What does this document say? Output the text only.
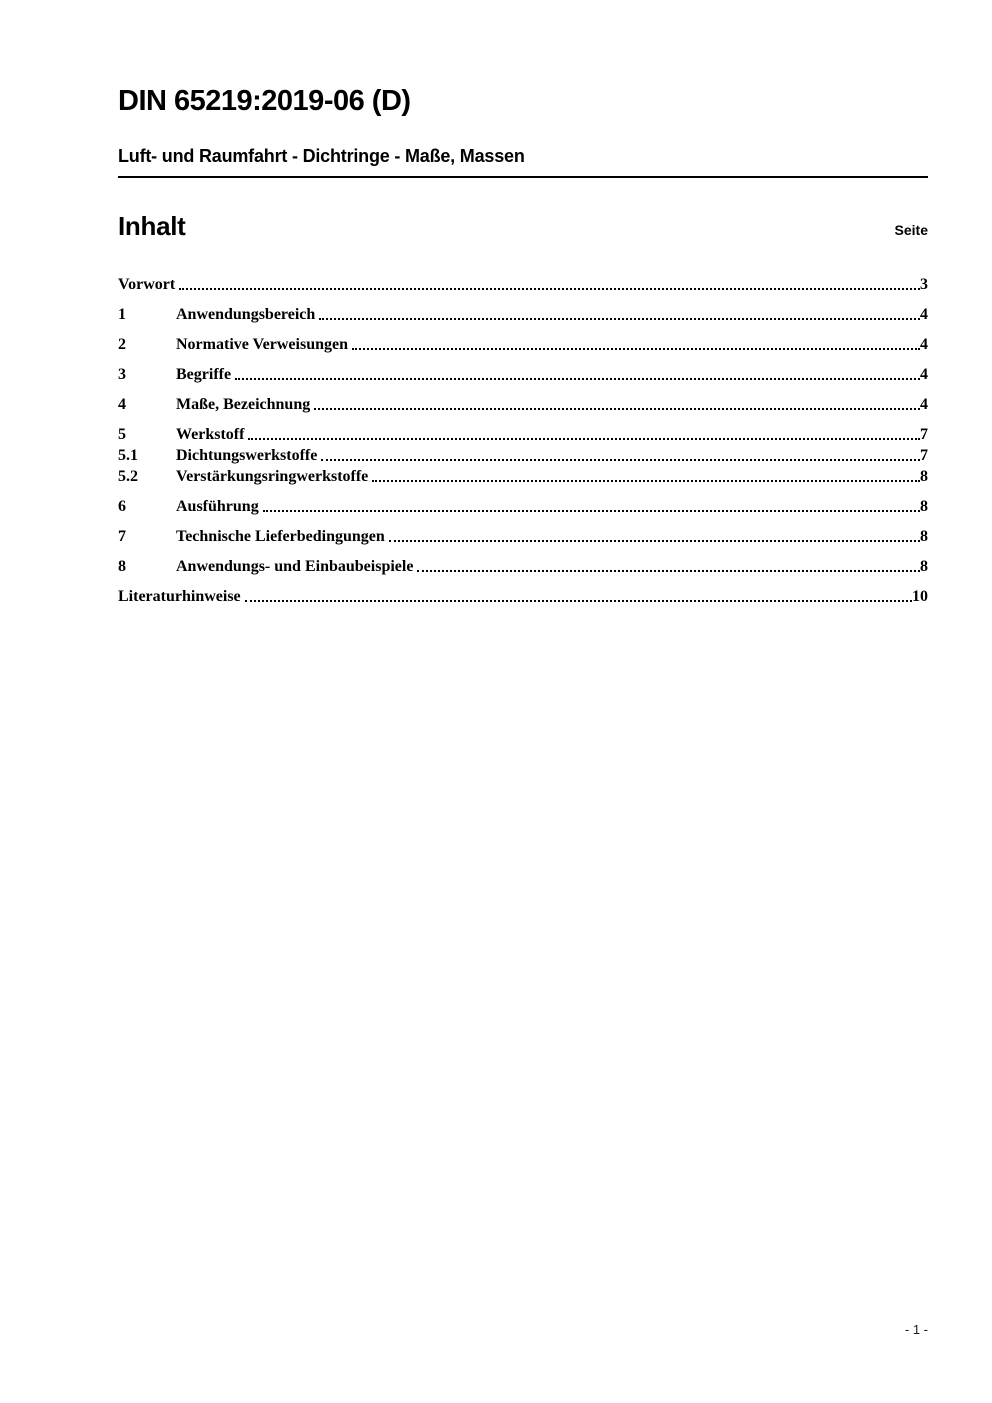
DIN 65219:2019-06 (D)
Luft- und Raumfahrt - Dichtringe - Maße, Massen
Inhalt	Seite
Vorwort	3
1	Anwendungsbereich	4
2	Normative Verweisungen	4
3	Begriffe	4
4	Maße, Bezeichnung	4
5	Werkstoff	7
5.1	Dichtungswerkstoffe	7
5.2	Verstärkungsringwerkstoffe	8
6	Ausführung	8
7	Technische Lieferbedingungen	8
8	Anwendungs- und Einbaubeispiele	8
Literaturhinweise	10
- 1 -
